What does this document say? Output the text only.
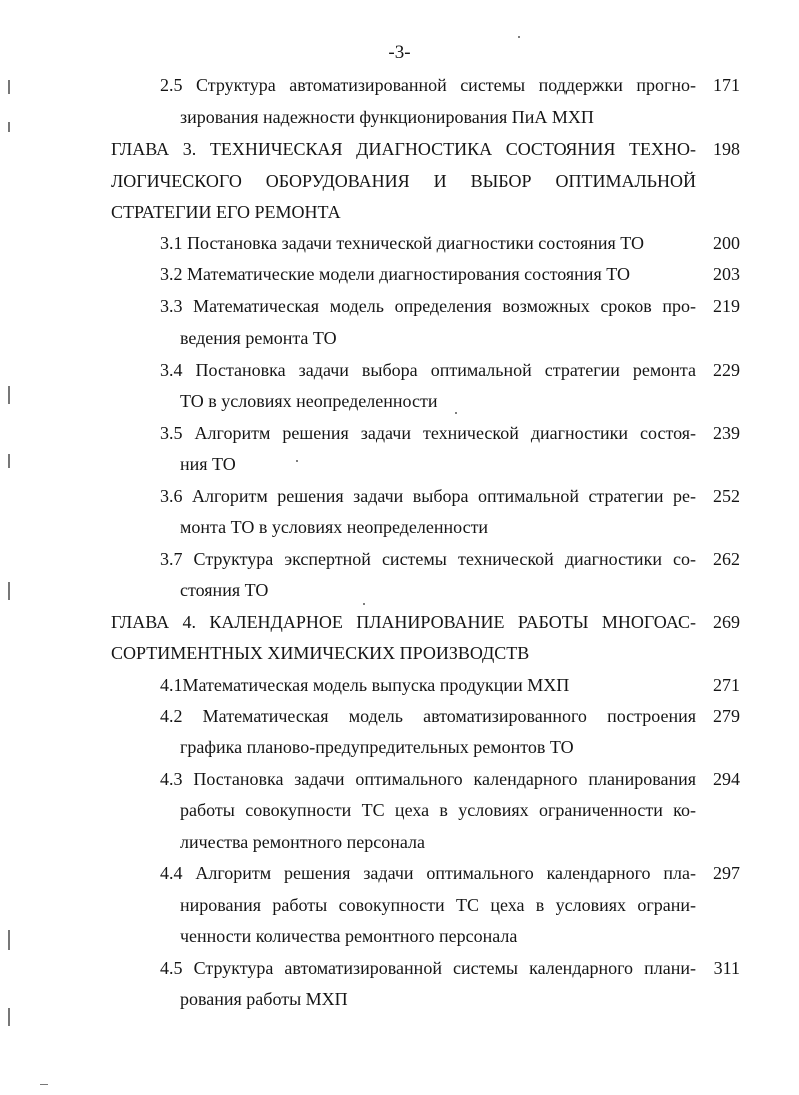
-3-
2.5 Структура автоматизированной системы поддержки прогно-
зирования надежности функционирования ПиА МХП
171
ГЛАВА 3. ТЕХНИЧЕСКАЯ ДИАГНОСТИКА СОСТОЯНИЯ ТЕХНО-
ЛОГИЧЕСКОГО ОБОРУДОВАНИЯ И ВЫБОР ОПТИМАЛЬНОЙ
СТРАТЕГИИ ЕГО РЕМОНТА
198
3.1 Постановка задачи технической диагностики состояния ТО	200
3.2 Математические модели диагностирования состояния ТО	203
3.3 Математическая модель определения возможных сроков про-
ведения ремонта ТО
219
3.4 Постановка задачи выбора оптимальной стратегии ремонта
ТО в условиях неопределенности
229
3.5 Алгоритм решения задачи технической диагностики состоя-
ния ТО
239
3.6 Алгоритм решения задачи выбора оптимальной стратегии ре-
монта ТО в условиях неопределенности
252
3.7 Структура экспертной системы технической диагностики со-
стояния ТО
262
ГЛАВА 4. КАЛЕНДАРНОЕ ПЛАНИРОВАНИЕ РАБОТЫ МНОГОАС-
СОРТИМЕНТНЫХ ХИМИЧЕСКИХ ПРОИЗВОДСТВ
269
4.1Математическая модель выпуска продукции МХП	271
4.2 Математическая модель автоматизированного построения
графика планово-предупредительных ремонтов ТО
279
4.3 Постановка задачи оптимального календарного планирования
работы совокупности ТС цеха в условиях ограниченности ко-
личества ремонтного персонала
294
4.4 Алгоритм решения задачи оптимального календарного пла-
нирования работы совокупности ТС цеха в условиях ограни-
ченности количества ремонтного персонала
297
4.5 Структура автоматизированной системы календарного плани-
рования работы МХП
311
